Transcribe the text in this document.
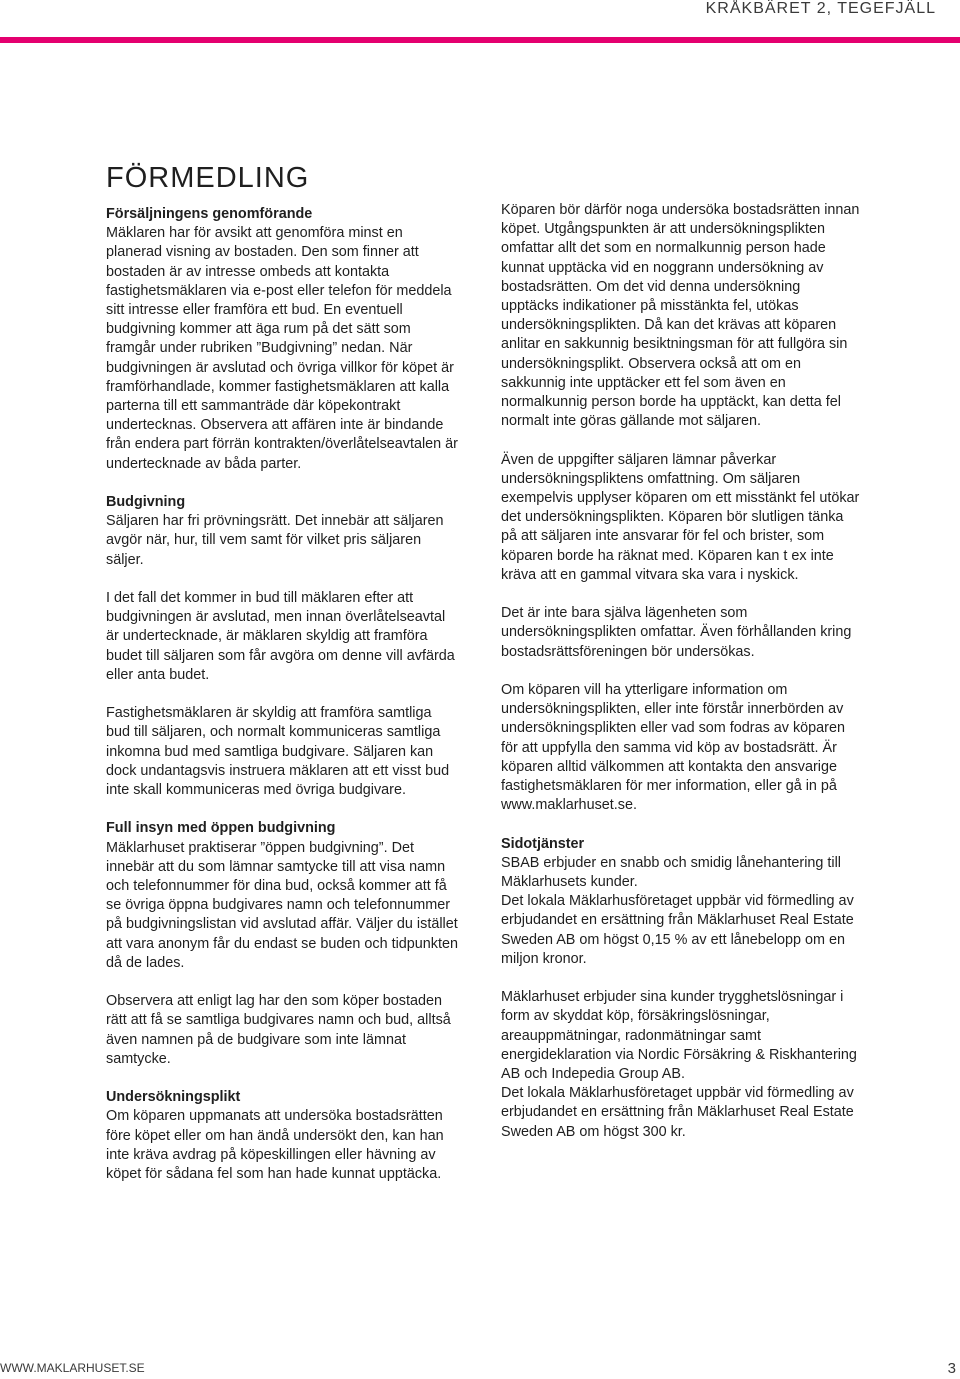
KRÅKBÄRET 2, TEGEFJÄLL
FÖRMEDLING
Försäljningens genomförande

Mäklaren har för avsikt att genomföra minst en planerad visning av bostaden. Den som finner att bostaden är av intresse ombeds att kontakta fastighetsmäklaren via e-post eller telefon för meddela sitt intresse eller framföra ett bud. En eventuell budgivning kommer att äga rum på det sätt som framgår under rubriken ”Budgivning” nedan. När budgivningen är avslutad och övriga villkor för köpet är framförhandlade, kommer fastighetsmäklaren att kalla parterna till ett sammanträde där köpekontrakt undertecknas. Observera att affären inte är bindande från endera part förrän kontrakten/överlåtelseavtalen är undertecknade av båda parter.

Budgivning

Säljaren har fri prövningsrätt. Det innebär att säljaren avgör när, hur, till vem samt för vilket pris säljaren säljer.

I det fall det kommer in bud till mäklaren efter att budgivningen är avslutad, men innan överlåtelseavtal är undertecknade, är mäklaren skyldig att framföra budet till säljaren som får avgöra om denne vill avfärda eller anta budet.

Fastighetsmäklaren är skyldig att framföra samtliga bud till säljaren, och normalt kommuniceras samtliga inkomna bud med samtliga budgivare. Säljaren kan dock undantagsvis instruera mäklaren att ett visst bud inte skall kommuniceras med övriga budgivare.

Full insyn med öppen budgivning

Mäklarhuset praktiserar ”öppen budgivning”. Det innebär att du som lämnar samtycke till att visa namn och telefonnummer för dina bud, också kommer att få se övriga öppna budgivares namn och telefonnummer på budgivningslistan vid avslutad affär. Väljer du istället att vara anonym får du endast se buden och tidpunkten då de lades.

Observera att enligt lag har den som köper bostaden rätt att få se samtliga budgivares namn och bud, alltså även namnen på de budgivare som inte lämnat samtycke.

Undersökningsplikt

Om köparen uppmanats att undersöka bostadsrätten före köpet eller om han ändå undersökt den, kan han inte kräva avdrag på köpeskillingen eller hävning av köpet för sådana fel som han hade kunnat upptäcka.

Köparen bör därför noga undersöka bostadsrätten innan köpet. Utgångspunkten är att undersökningsplikten omfattar allt det som en normalkunnig person hade kunnat upptäcka vid en noggrann undersökning av bostadsrätten. Om det vid denna undersökning upptäcks indikationer på misstänkta fel, utökas undersökningsplikten. Då kan det krävas att köparen anlitar en sakkunnig besiktningsman för att fullgöra sin undersökningsplikt. Observera också att om en sakkunnig inte upptäcker ett fel som även en normalkunnig person borde ha upptäckt, kan detta fel normalt inte göras gällande mot säljaren.

Även de uppgifter säljaren lämnar påverkar undersökningspliktens omfattning. Om säljaren exempelvis upplyser köparen om ett misstänkt fel utökar det undersökningsplikten. Köparen bör slutligen tänka på att säljaren inte ansvarar för fel och brister, som köparen borde ha räknat med. Köparen kan t ex inte kräva att en gammal vitvara ska vara i nyskick.

Det är inte bara själva lägenheten som undersökningsplikten omfattar. Även förhållanden kring bostadsrättsföreningen bör undersökas.

Om köparen vill ha ytterligare information om undersökningsplikten, eller inte förstår innerbörden av undersökningsplikten eller vad som fodras av köparen för att uppfylla den samma vid köp av bostadsrätt. Är köparen alltid välkommen att kontakta den ansvarige fastighetsmäklaren för mer information, eller gå in på www.maklarhuset.se.

Sidotjänster

SBAB erbjuder en snabb och smidig lånehantering till Mäklarhusets kunder.

Det lokala Mäklarhusföretaget uppbär vid förmedling av erbjudandet en ersättning från Mäklarhuset Real Estate Sweden AB om högst 0,15 % av ett lånebelopp om en miljon kronor.

Mäklarhuset erbjuder sina kunder trygghetslösningar i form av skyddat köp, försäkringslösningar, areauppmätningar, radonmätningar samt energideklaration via Nordic Försäkring & Riskhantering AB och Indepedia Group AB.

Det lokala Mäklarhusföretaget uppbär vid förmedling av erbjudandet en ersättning från Mäklarhuset Real Estate Sweden AB om högst 300 kr.

WWW.MAKLARHUSET.SE	3
